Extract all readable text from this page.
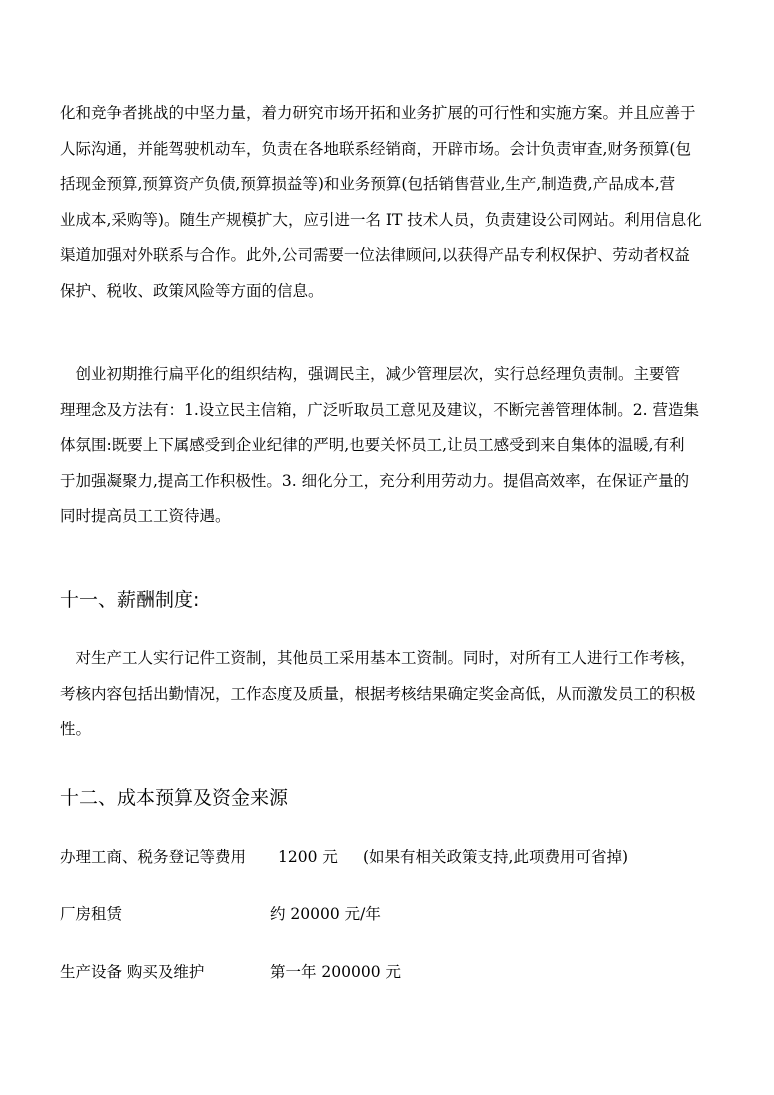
化和竞争者挑战的中坚力量，着力研究市场开拓和业务扩展的可行性和实施方案。并且应善于
人际沟通，并能驾驶机动车，负责在各地联系经销商，开辟市场。会计负责审查,财务预算(包
括现金预算,预算资产负债,预算损益等)和业务预算(包括销售营业,生产,制造费,产品成本,营
业成本,采购等)。随生产规模扩大，应引进一名 IT 技术人员，负责建设公司网站。利用信息化
渠道加强对外联系与合作。此外,公司需要一位法律顾问,以获得产品专利权保护、劳动者权益
保护、税收、政策风险等方面的信息。

　创业初期推行扁平化的组织结构，强调民主，减少管理层次，实行总经理负责制。主要管
理理念及方法有：1.设立民主信箱，广泛听取员工意见及建议，不断完善管理体制。2. 营造集
体氛围:既要上下属感受到企业纪律的严明,也要关怀员工,让员工感受到来自集体的温暖,有利
于加强凝聚力,提高工作积极性。3. 细化分工，充分利用劳动力。提倡高效率，在保证产量的
同时提高员工工资待遇。

十一、薪酬制度:

　对生产工人实行记件工资制，其他员工采用基本工资制。同时，对所有工人进行工作考核，
考核内容包括出勤情况，工作态度及质量，根据考核结果确定奖金高低，从而激发员工的积极
性。

十二、成本预算及资金来源
办理工商、税务登记等费用 1200 元 (如果有相关政策支持,此项费用可省掉)
厂房租赁	约 20000 元/年
生产设备 购买及维护	第一年 200000 元
